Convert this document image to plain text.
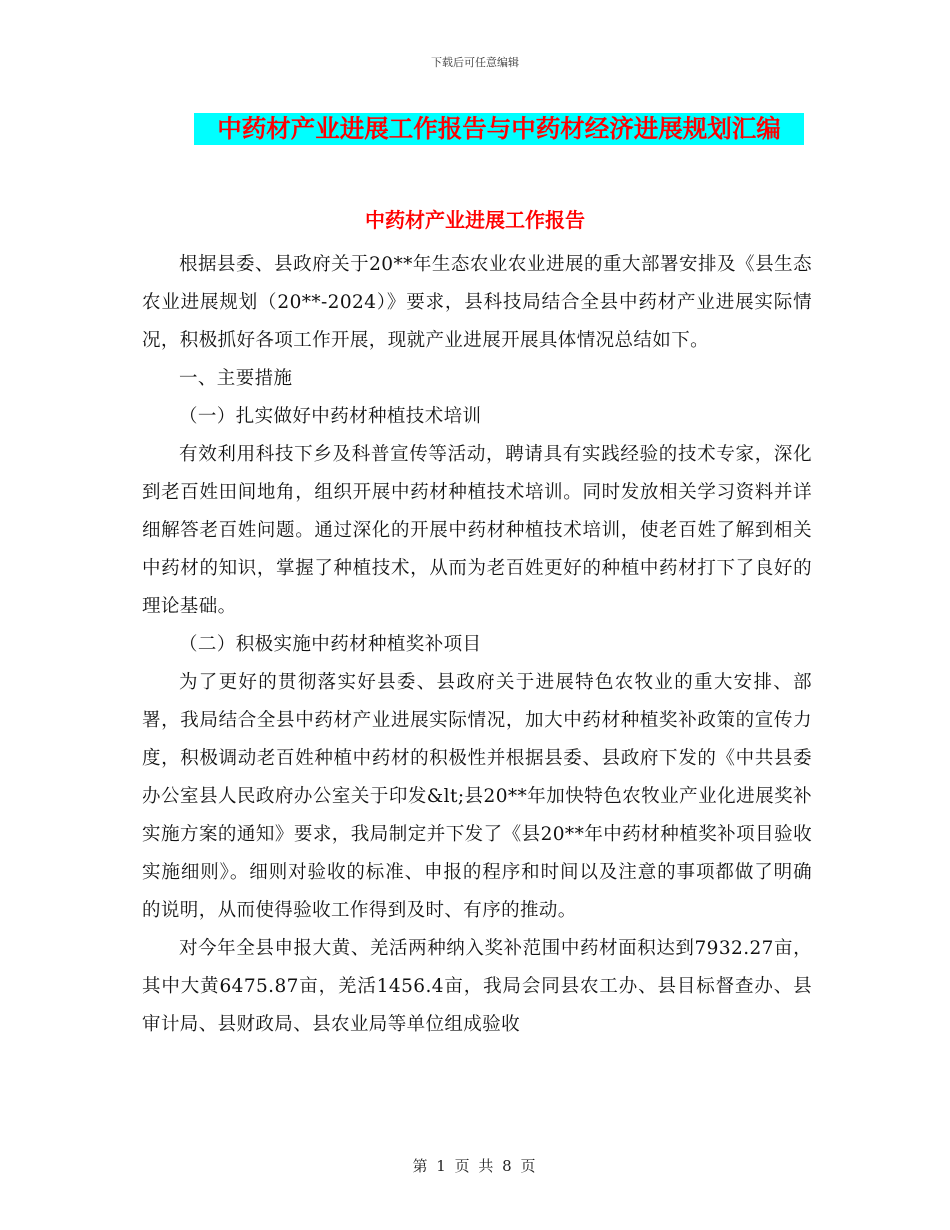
下载后可任意编辑
中药材产业进展工作报告与中药材经济进展规划汇编
中药材产业进展工作报告

根据县委、县政府关于20**年生态农业农业进展的重大部署安排及《县生态农业进展规划（20**-2024）》要求，县科技局结合全县中药材产业进展实际情况，积极抓好各项工作开展，现就产业进展开展具体情况总结如下。

一、主要措施

（一）扎实做好中药材种植技术培训

有效利用科技下乡及科普宣传等活动，聘请具有实践经验的技术专家，深化到老百姓田间地角，组织开展中药材种植技术培训。同时发放相关学习资料并详细解答老百姓问题。通过深化的开展中药材种植技术培训，使老百姓了解到相关中药材的知识，掌握了种植技术，从而为老百姓更好的种植中药材打下了良好的理论基础。

（二）积极实施中药材种植奖补项目

为了更好的贯彻落实好县委、县政府关于进展特色农牧业的重大安排、部署，我局结合全县中药材产业进展实际情况，加大中药材种植奖补政策的宣传力度，积极调动老百姓种植中药材的积极性并根据县委、县政府下发的《中共县委办公室县人民政府办公室关于印发&lt;县20**年加快特色农牧业产业化进展奖补实施方案的通知》要求，我局制定并下发了《县20**年中药材种植奖补项目验收实施细则》。细则对验收的标准、申报的程序和时间以及注意的事项都做了明确的说明，从而使得验收工作得到及时、有序的推动。

对今年全县申报大黄、羌活两种纳入奖补范围中药材面积达到7932.27亩，其中大黄6475.87亩，羌活1456.4亩，我局会同县农工办、县目标督查办、县审计局、县财政局、县农业局等单位组成验收

第 1 页 共 8 页
